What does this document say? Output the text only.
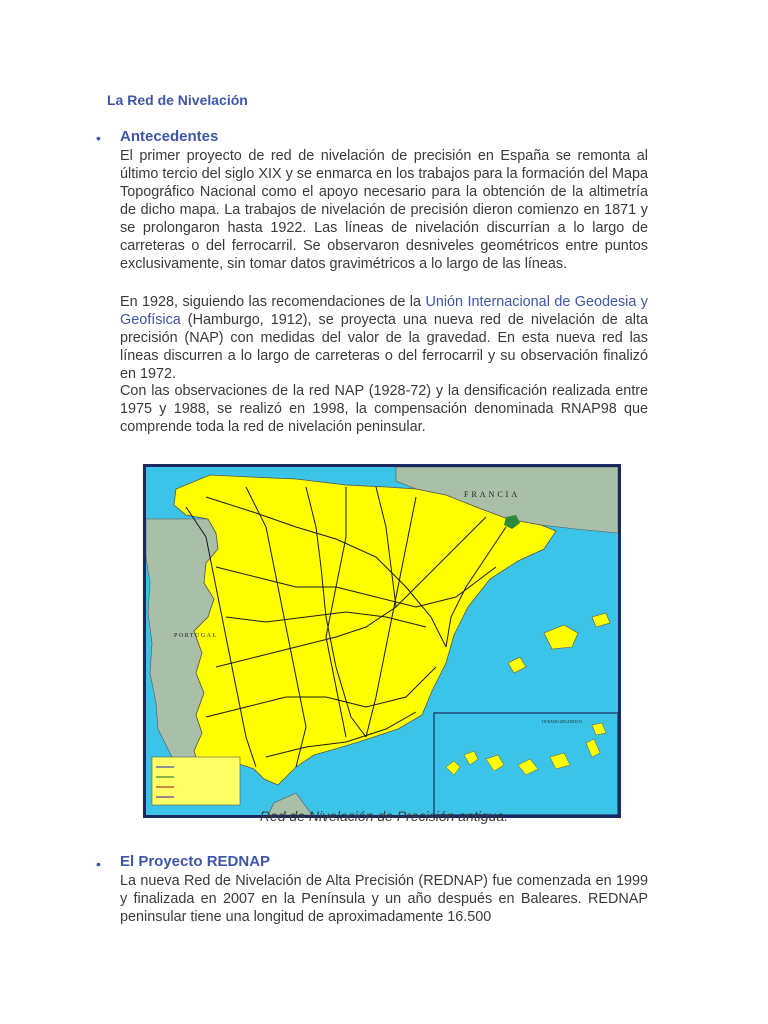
La Red de Nivelación
• Antecedentes

El primer proyecto de red de nivelación de precisión en España se remonta al último tercio del siglo XIX y se enmarca en los trabajos para la formación del Mapa Topográfico Nacional como el apoyo necesario para la obtención de la altimetría de dicho mapa. La trabajos de nivelación de precisión dieron comienzo en 1871 y se prolongaron hasta 1922. Las líneas de nivelación discurrían a lo largo de carreteras o del ferrocarril. Se observaron desniveles geométricos entre puntos exclusivamente, sin tomar datos gravimétricos a lo largo de las líneas.

En 1928, siguiendo las recomendaciones de la Unión Internacional de Geodesia y Geofísica (Hamburgo, 1912), se proyecta una nueva red de nivelación de alta precisión (NAP) con medidas del valor de la gravedad. En esta nueva red las líneas discurren a lo largo de carreteras o del ferrocarril y su observación finalizó en 1972.

Con las observaciones de la red NAP (1928-72) y la densificación realizada entre 1975 y 1988, se realizó en 1998, la compensación denominada RNAP98 que comprende toda la red de nivelación peninsular.

FRANCIA
PORTUGAL
OCEANO ATLANTICO
Red de Nivelación de Precisión antigua.
• El Proyecto REDNAP

La nueva Red de Nivelación de Alta Precisión (REDNAP) fue comenzada en 1999 y finalizada en 2007 en la Península y un año después en Baleares. REDNAP peninsular tiene una longitud de aproximadamente 16.500
